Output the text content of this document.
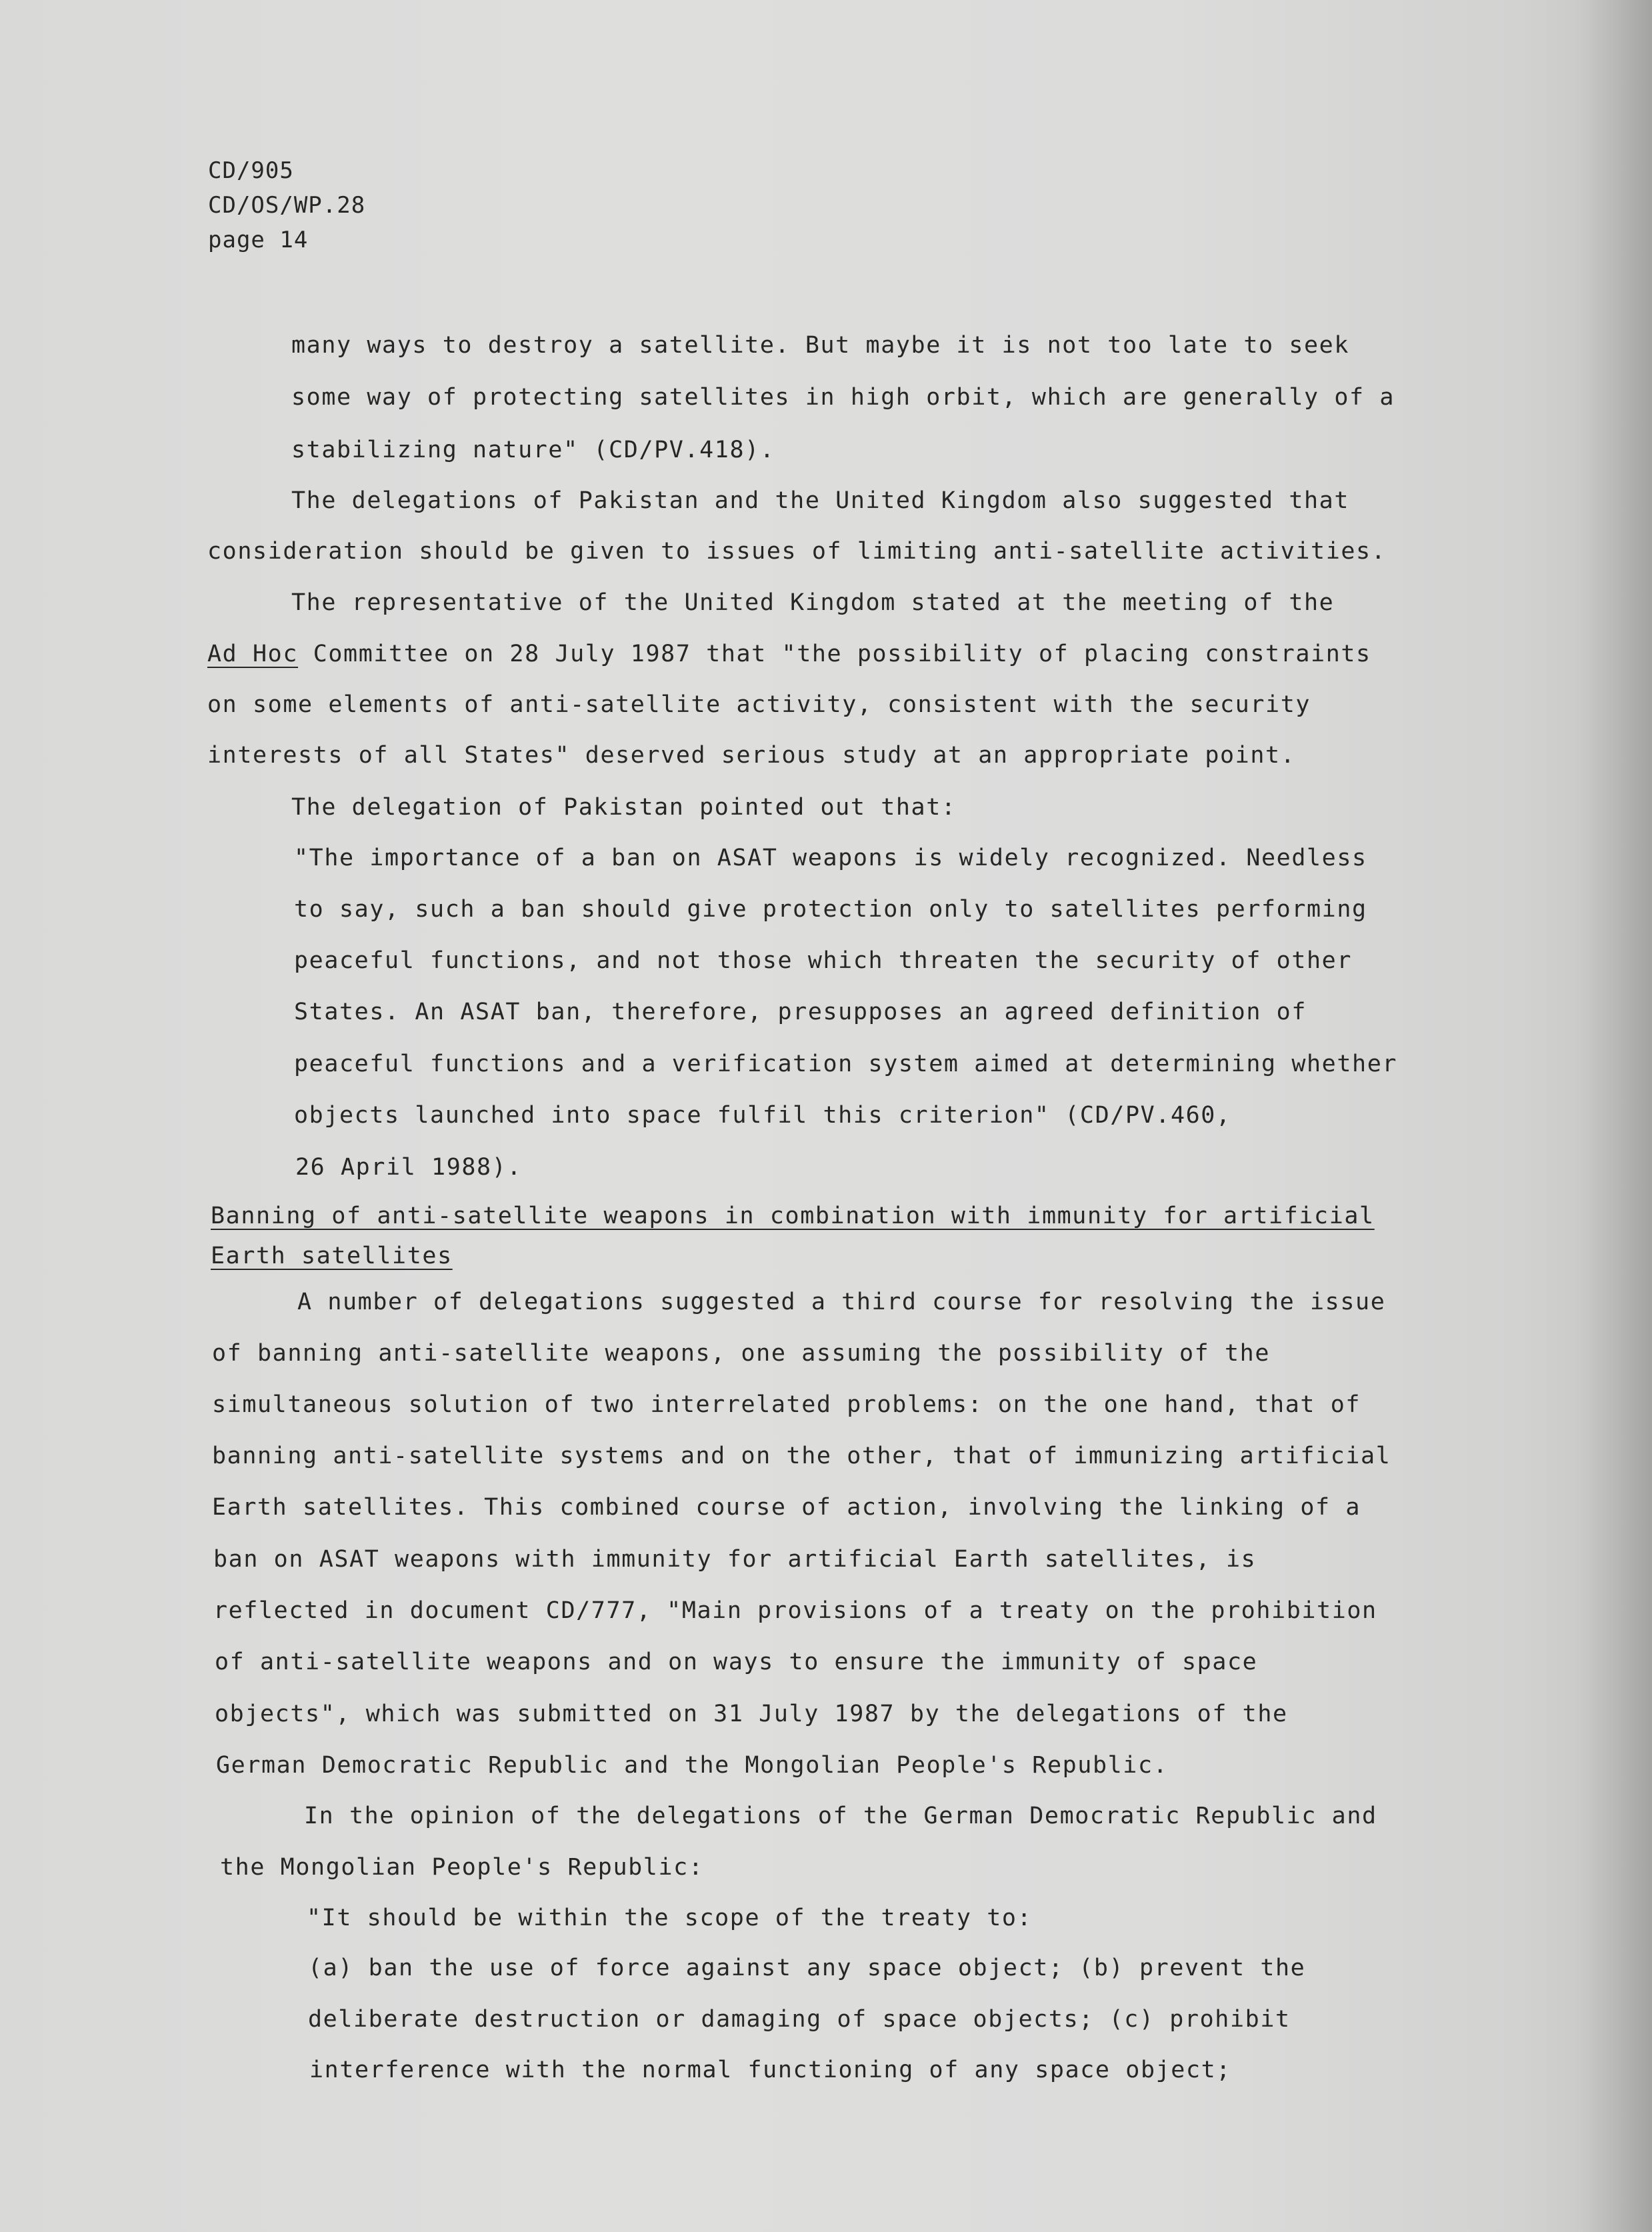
CD/905
CD/OS/WP.28
page 14
many ways to destroy a satellite. But maybe it is not too late to seek
some way of protecting satellites in high orbit, which are generally of a
stabilizing nature" (CD/PV.418).
The delegations of Pakistan and the United Kingdom also suggested that
consideration should be given to issues of limiting anti-satellite activities.
The representative of the United Kingdom stated at the meeting of the
Ad Hoc Committee on 28 July 1987 that "the possibility of placing constraints
on some elements of anti-satellite activity, consistent with the security
interests of all States" deserved serious study at an appropriate point.
The delegation of Pakistan pointed out that:
"The importance of a ban on ASAT weapons is widely recognized. Needless
to say, such a ban should give protection only to satellites performing
peaceful functions, and not those which threaten the security of other
States. An ASAT ban, therefore, presupposes an agreed definition of
peaceful functions and a verification system aimed at determining whether
objects launched into space fulfil this criterion" (CD/PV.460,
26 April 1988).
Banning of anti-satellite weapons in combination with immunity for artificial
Earth satellites
A number of delegations suggested a third course for resolving the issue
of banning anti-satellite weapons, one assuming the possibility of the
simultaneous solution of two interrelated problems: on the one hand, that of
banning anti-satellite systems and on the other, that of immunizing artificial
Earth satellites. This combined course of action, involving the linking of a
ban on ASAT weapons with immunity for artificial Earth satellites, is
reflected in document CD/777, "Main provisions of a treaty on the prohibition
of anti-satellite weapons and on ways to ensure the immunity of space
objects", which was submitted on 31 July 1987 by the delegations of the
German Democratic Republic and the Mongolian People's Republic.
In the opinion of the delegations of the German Democratic Republic and
the Mongolian People's Republic:
"It should be within the scope of the treaty to:
(a) ban the use of force against any space object; (b) prevent the
deliberate destruction or damaging of space objects; (c) prohibit
interference with the normal functioning of any space object;
